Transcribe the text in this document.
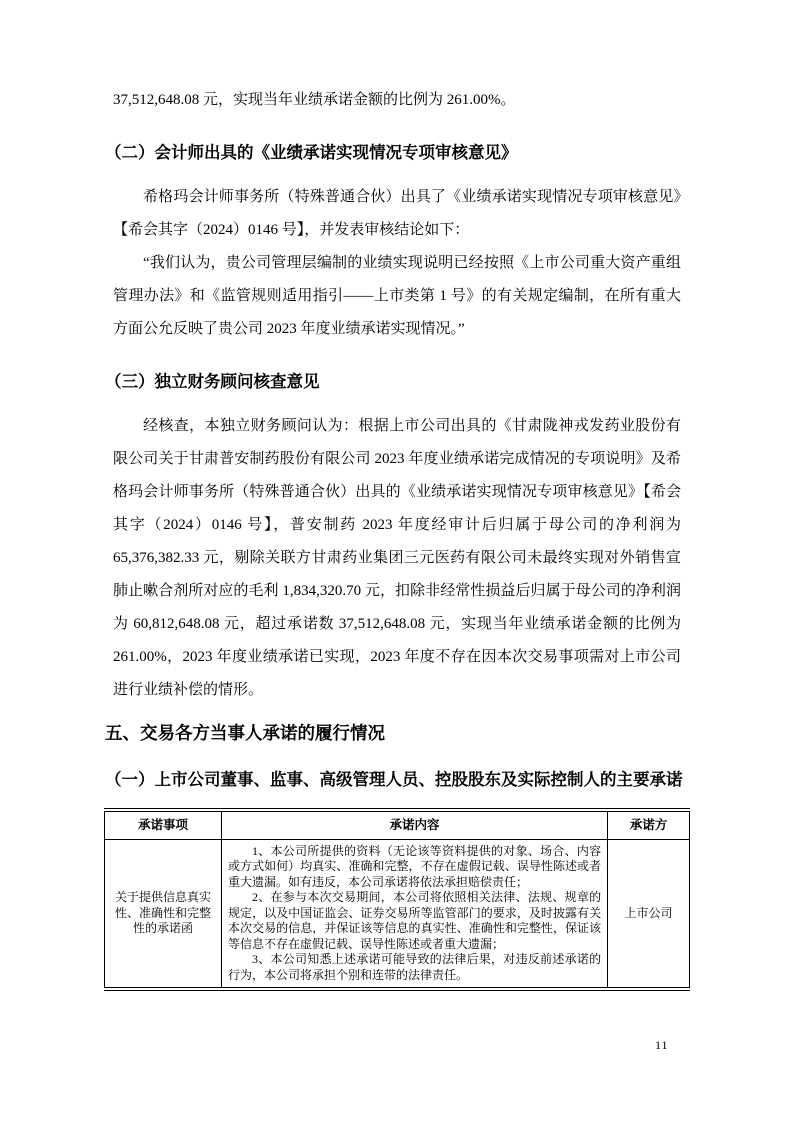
37,512,648.08 元，实现当年业绩承诺金额的比例为 261.00%。

（二）会计师出具的《业绩承诺实现情况专项审核意见》

希格玛会计师事务所（特殊普通合伙）出具了《业绩承诺实现情况专项审核意见》【希会其字（2024）0146 号】，并发表审核结论如下：

“我们认为，贵公司管理层编制的业绩实现说明已经按照《上市公司重大资产重组管理办法》和《监管规则适用指引——上市类第 1 号》的有关规定编制，在所有重大方面公允反映了贵公司 2023 年度业绩承诺实现情况。”

（三）独立财务顾问核查意见

经核查，本独立财务顾问认为：根据上市公司出具的《甘肃陇神戎发药业股份有限公司关于甘肃普安制药股份有限公司 2023 年度业绩承诺完成情况的专项说明》及希格玛会计师事务所（特殊普通合伙）出具的《业绩承诺实现情况专项审核意见》【希会其字（2024）0146 号】，普安制药 2023 年度经审计后归属于母公司的净利润为 65,376,382.33 元，剔除关联方甘肃药业集团三元医药有限公司未最终实现对外销售宣肺止嗽合剂所对应的毛利 1,834,320.70 元，扣除非经常性损益后归属于母公司的净利润为 60,812,648.08 元，超过承诺数 37,512,648.08 元，实现当年业绩承诺金额的比例为 261.00%，2023 年度业绩承诺已实现，2023 年度不存在因本次交易事项需对上市公司进行业绩补偿的情形。

五、交易各方当事人承诺的履行情况
（一）上市公司董事、监事、高级管理人员、控股股东及实际控制人的主要承诺
承诺事项	承诺内容	承诺方
关于提供信息真实性、准确性和完整性的承诺函	1、本公司所提供的资料（无论该等资料提供的对象、场合、内容或方式如何）均真实、准确和完整，不存在虚假记载、误导性陈述或者重大遗漏。如有违反，本公司承诺将依法承担赔偿责任；

2、在参与本次交易期间，本公司将依照相关法律、法规、规章的规定，以及中国证监会、证券交易所等监管部门的要求，及时披露有关本次交易的信息，并保证该等信息的真实性、准确性和完整性，保证该等信息不存在虚假记载、误导性陈述或者重大遗漏；

3、本公司知悉上述承诺可能导致的法律后果，对违反前述承诺的行为，本公司将承担个别和连带的法律责任。	上市公司
11
